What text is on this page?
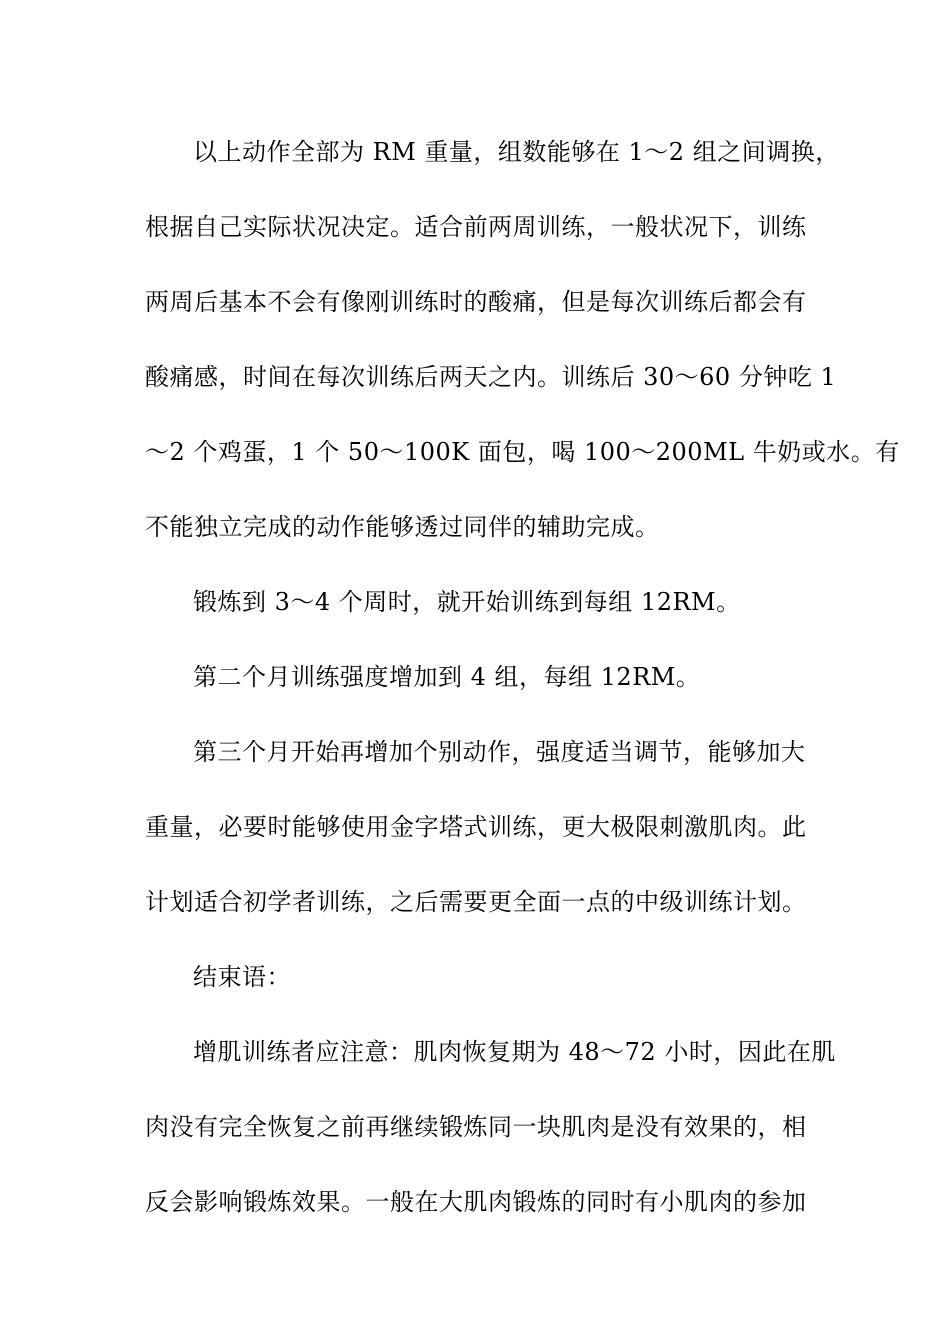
以上动作全部为 RM 重量，组数能够在 1～2 组之间调换，
根据自己实际状况决定。适合前两周训练，一般状况下，训练
两周后基本不会有像刚训练时的酸痛，但是每次训练后都会有
酸痛感，时间在每次训练后两天之内。训练后 30～60 分钟吃 1
～2 个鸡蛋，1 个 50～100K 面包，喝 100～200ML 牛奶或水。有
不能独立完成的动作能够透过同伴的辅助完成。
锻炼到 3～4 个周时，就开始训练到每组 12RM。
第二个月训练强度增加到 4 组，每组 12RM。
第三个月开始再增加个别动作，强度适当调节，能够加大
重量，必要时能够使用金字塔式训练，更大极限刺激肌肉。此
计划适合初学者训练，之后需要更全面一点的中级训练计划。
结束语：
增肌训练者应注意：肌肉恢复期为 48～72 小时，因此在肌
肉没有完全恢复之前再继续锻炼同一块肌肉是没有效果的，相
反会影响锻炼效果。一般在大肌肉锻炼的同时有小肌肉的参加
